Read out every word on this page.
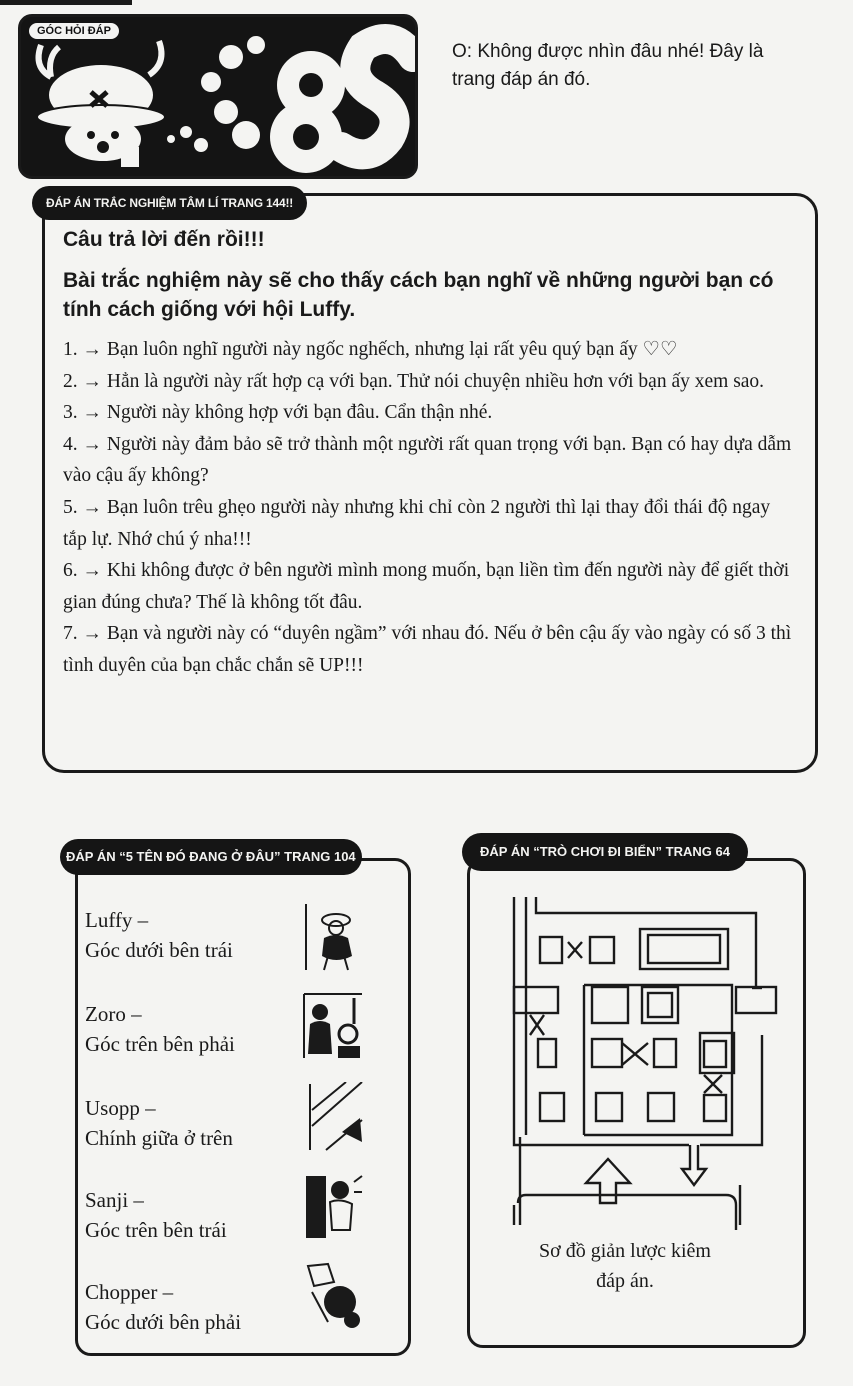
GÓC HỎI ĐÁP
O: Không được nhìn đâu nhé! Đây là trang đáp án đó.
ĐÁP ÁN TRẮC NGHIỆM TÂM LÍ TRANG 144!!
Câu trả lời đến rồi!!!
Bài trắc nghiệm này sẽ cho thấy cách bạn nghĩ về những người bạn có tính cách giống với hội Luffy.
1. → Bạn luôn nghĩ người này ngốc nghếch, nhưng lại rất yêu quý bạn ấy ♡♡
2. → Hẳn là người này rất hợp cạ với bạn. Thử nói chuyện nhiều hơn với bạn ấy xem sao.
3. → Người này không hợp với bạn đâu. Cẩn thận nhé.
4. → Người này đảm bảo sẽ trở thành một người rất quan trọng với bạn. Bạn có hay dựa dẫm vào cậu ấy không?
5. → Bạn luôn trêu ghẹo người này nhưng khi chỉ còn 2 người thì lại thay đổi thái độ ngay tắp lự. Nhớ chú ý nha!!!
6. → Khi không được ở bên người mình mong muốn, bạn liền tìm đến người này để giết thời gian đúng chưa? Thế là không tốt đâu.
7. → Bạn và người này có “duyên ngầm” với nhau đó. Nếu ở bên cậu ấy vào ngày có số 3 thì tình duyên của bạn chắc chắn sẽ UP!!!
ĐÁP ÁN “5 TÊN ĐÓ ĐANG Ở ĐÂU” TRANG 104
Luffy –
Góc dưới bên trái
Zoro –
Góc trên bên phải
Usopp –
Chính giữa ở trên
Sanji –
Góc trên bên trái
Chopper –
Góc dưới bên phải
ĐÁP ÁN “TRÒ CHƠI ĐI BIỂN” TRANG 64
Sơ đồ giản lược kiêm đáp án.
